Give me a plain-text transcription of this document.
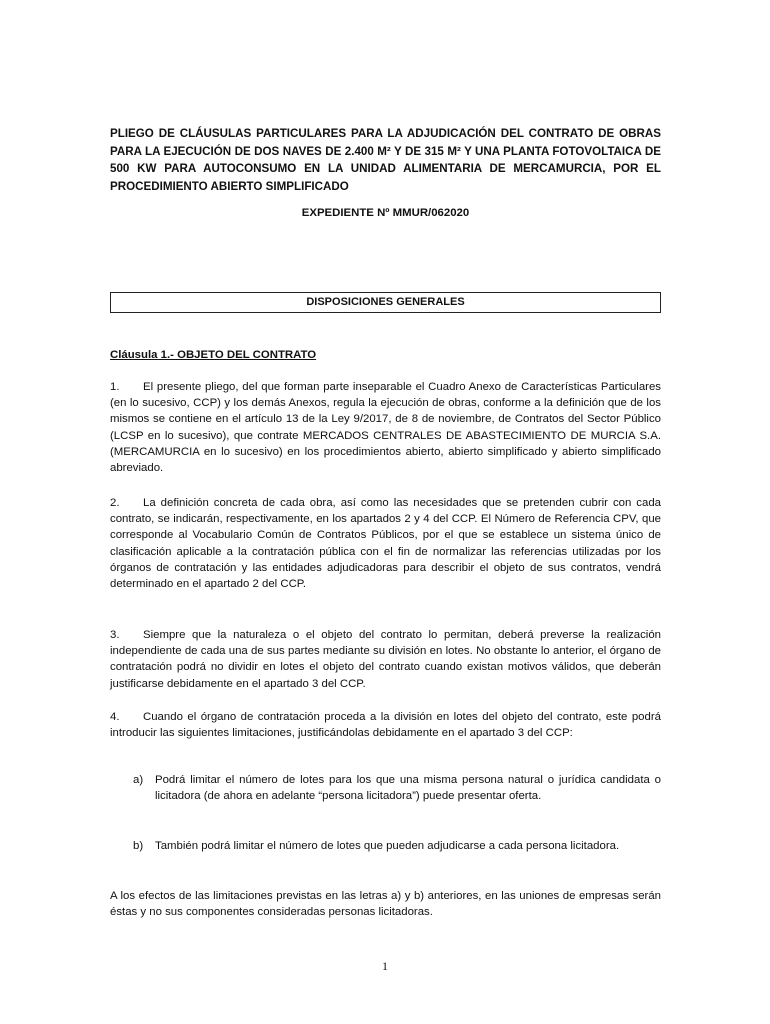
PLIEGO DE CLÁUSULAS PARTICULARES PARA LA ADJUDICACIÓN DEL CONTRATO DE OBRAS PARA LA EJECUCIÓN DE DOS NAVES DE 2.400 M² Y DE 315 M² Y UNA PLANTA FOTOVOLTAICA DE 500 KW PARA AUTOCONSUMO EN LA UNIDAD ALIMENTARIA DE MERCAMURCIA, POR EL PROCEDIMIENTO ABIERTO SIMPLIFICADO
EXPEDIENTE Nº MMUR/062020
DISPOSICIONES GENERALES
Cláusula 1.- OBJETO DEL CONTRATO

1. El presente pliego, del que forman parte inseparable el Cuadro Anexo de Características Particulares (en lo sucesivo, CCP) y los demás Anexos, regula la ejecución de obras, conforme a la definición que de los mismos se contiene en el artículo 13 de la Ley 9/2017, de 8 de noviembre, de Contratos del Sector Público (LCSP en lo sucesivo), que contrate MERCADOS CENTRALES DE ABASTECIMIENTO DE MURCIA S.A. (MERCAMURCIA en lo sucesivo) en los procedimientos abierto, abierto simplificado y abierto simplificado abreviado.

2. La definición concreta de cada obra, así como las necesidades que se pretenden cubrir con cada contrato, se indicarán, respectivamente, en los apartados 2 y 4 del CCP. El Número de Referencia CPV, que corresponde al Vocabulario Común de Contratos Públicos, por el que se establece un sistema único de clasificación aplicable a la contratación pública con el fin de normalizar las referencias utilizadas por los órganos de contratación y las entidades adjudicadoras para describir el objeto de sus contratos, vendrá determinado en el apartado 2 del CCP.

3. Siempre que la naturaleza o el objeto del contrato lo permitan, deberá preverse la realización independiente de cada una de sus partes mediante su división en lotes. No obstante lo anterior, el órgano de contratación podrá no dividir en lotes el objeto del contrato cuando existan motivos válidos, que deberán justificarse debidamente en el apartado 3 del CCP.

4. Cuando el órgano de contratación proceda a la división en lotes del objeto del contrato, este podrá introducir las siguientes limitaciones, justificándolas debidamente en el apartado 3 del CCP:

a) Podrá limitar el número de lotes para los que una misma persona natural o jurídica candidata o licitadora (de ahora en adelante “persona licitadora”) puede presentar oferta.
b) También podrá limitar el número de lotes que pueden adjudicarse a cada persona licitadora.

A los efectos de las limitaciones previstas en las letras a) y b) anteriores, en las uniones de empresas serán éstas y no sus componentes consideradas personas licitadoras.

1
